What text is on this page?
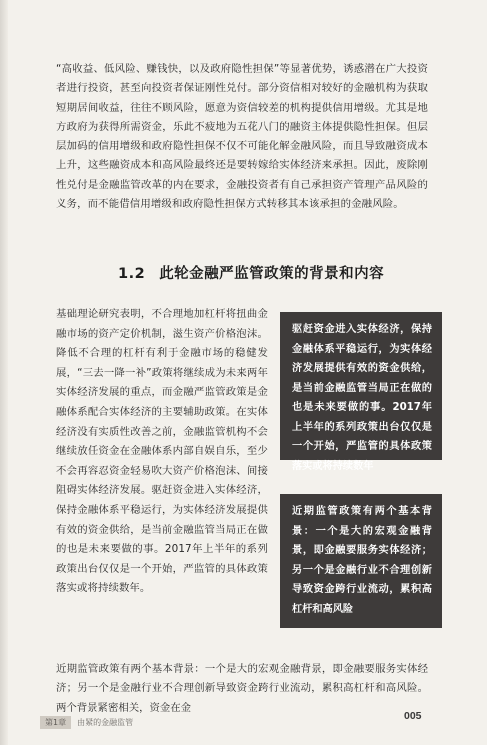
“高收益、低风险、赚钱快，以及政府隐性担保”等显著优势，诱惑潜在广大投资者进行投资，甚至向投资者保证刚性兑付。部分资信相对较好的金融机构为获取短期居间收益，往往不顾风险，愿意为资信较差的机构提供信用增级。尤其是地方政府为获得所需资金，乐此不疲地为五花八门的融资主体提供隐性担保。但层层加码的信用增级和政府隐性担保不仅不可能化解金融风险，而且导致融资成本上升，这些融资成本和高风险最终还是要转嫁给实体经济来承担。因此，废除刚性兑付是金融监管改革的内在要求，金融投资者有自己承担资产管理产品风险的义务，而不能借信用增级和政府隐性担保方式转移其本该承担的金融风险。

1.2 此轮金融严监管政策的背景和内容

基础理论研究表明，不合理地加杠杆将扭曲金融市场的资产定价机制，滋生资产价格泡沫。降低不合理的杠杆有利于金融市场的稳健发展，“三去一降一补”政策将继续成为未来两年实体经济发展的重点，而金融严监管政策是金融体系配合实体经济的主要辅助政策。在实体经济没有实质性改善之前，金融监管机构不会继续放任资金在金融体系内部自娱自乐，至少不会再容忍资金轻易吹大资产价格泡沫、间接阻碍实体经济发展。驱赶资金进入实体经济，保持金融体系平稳运行，为实体经济发展提供有效的资金供给，是当前金融监管当局正在做的也是未来要做的事。2017年上半年的系列政策出台仅仅是一个开始，严监管的具体政策落实或将持续数年。

驱赶资金进入实体经济，保持金融体系平稳运行，为实体经济发展提供有效的资金供给，是当前金融监管当局正在做的也是未来要做的事。2017年上半年的系列政策出台仅仅是一个开始，严监管的具体政策落实或将持续数年
近期监管政策有两个基本背景：一个是大的宏观金融背景，即金融要服务实体经济；另一个是金融行业不合理创新导致资金跨行业流动，累积高杠杆和高风险

近期监管政策有两个基本背景：一个是大的宏观金融背景，即金融要服务实体经济；另一个是金融行业不合理创新导致资金跨行业流动，累积高杠杆和高风险。两个背景紧密相关，资金在金

第1章 由紧的金融监管
005
